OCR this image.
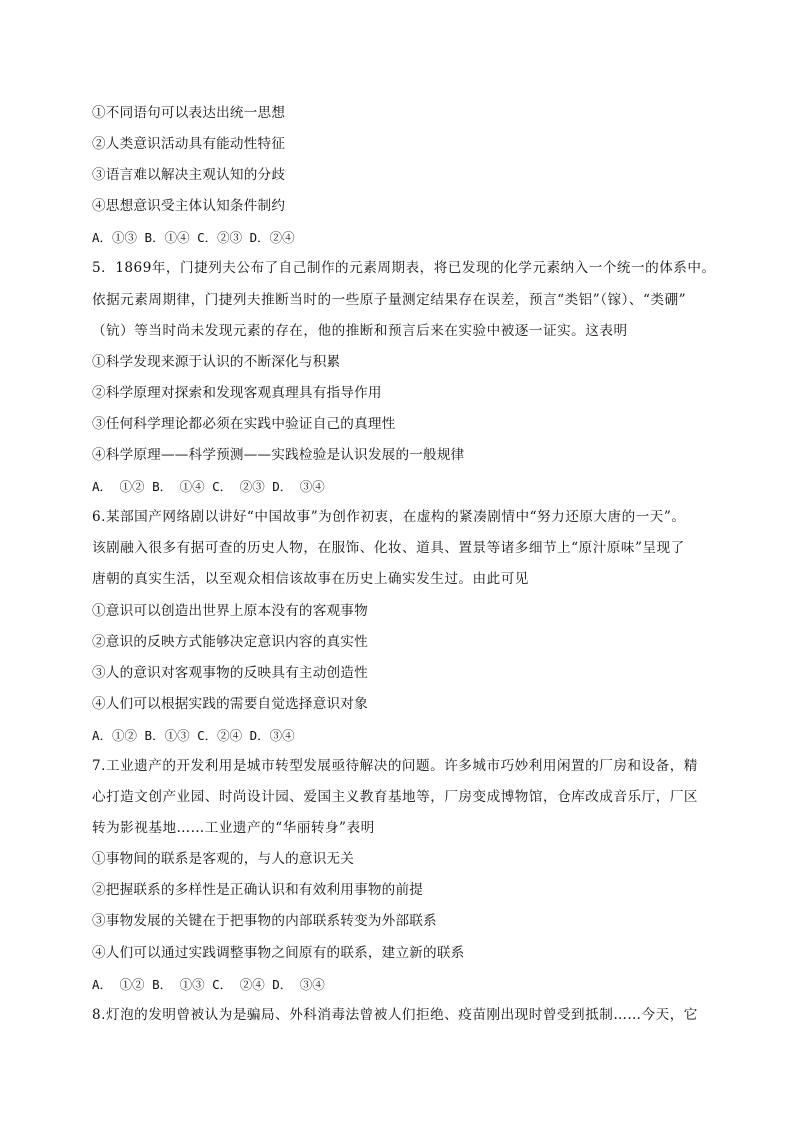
①不同语句可以表达出统一思想
②人类意识活动具有能动性特征
③语言难以解决主观认知的分歧
④思想意识受主体认知条件制约
A．①③ B．①④ C．②③ D．②④
5．1869年，门捷列夫公布了自己制作的元素周期表，将已发现的化学元素纳入一个统一的体系中。
依据元素周期律，门捷列夫推断当时的一些原子量测定结果存在误差，预言“类铝”（镓）、“类硼”
（钪）等当时尚未发现元素的存在，他的推断和预言后来在实验中被逐一证实。这表明
①科学发现来源于认识的不断深化与积累
②科学原理对探索和发现客观真理具有指导作用
③任何科学理论都必须在实践中验证自己的真理性
④科学原理——科学预测——实践检验是认识发展的一般规律
A． ①② B． ①④ C． ②③ D． ③④
6.某部国产网络剧以讲好“中国故事”为创作初衷，在虚构的紧凑剧情中“努力还原大唐的一天”。
该剧融入很多有据可查的历史人物，在服饰、化妆、道具、置景等诸多细节上“原汁原味”呈现了
唐朝的真实生活，以至观众相信该故事在历史上确实发生过。由此可见
①意识可以创造出世界上原本没有的客观事物
②意识的反映方式能够决定意识内容的真实性
③人的意识对客观事物的反映具有主动创造性
④人们可以根据实践的需要自觉选择意识对象
A．①② B．①③ C．②④ D．③④
7.工业遗产的开发利用是城市转型发展亟待解决的问题。许多城市巧妙利用闲置的厂房和设备，精
心打造文创产业园、时尚设计园、爱国主义教育基地等，厂房变成博物馆，仓库改成音乐厅，厂区
转为影视基地……工业遗产的“华丽转身”表明
①事物间的联系是客观的，与人的意识无关
②把握联系的多样性是正确认识和有效利用事物的前提
③事物发展的关键在于把事物的内部联系转变为外部联系
④人们可以通过实践调整事物之间原有的联系，建立新的联系
A． ①② B． ①③ C． ②④ D． ③④
8.灯泡的发明曾被认为是骗局、外科消毒法曾被人们拒绝、疫苗刚出现时曾受到抵制……今天，它
